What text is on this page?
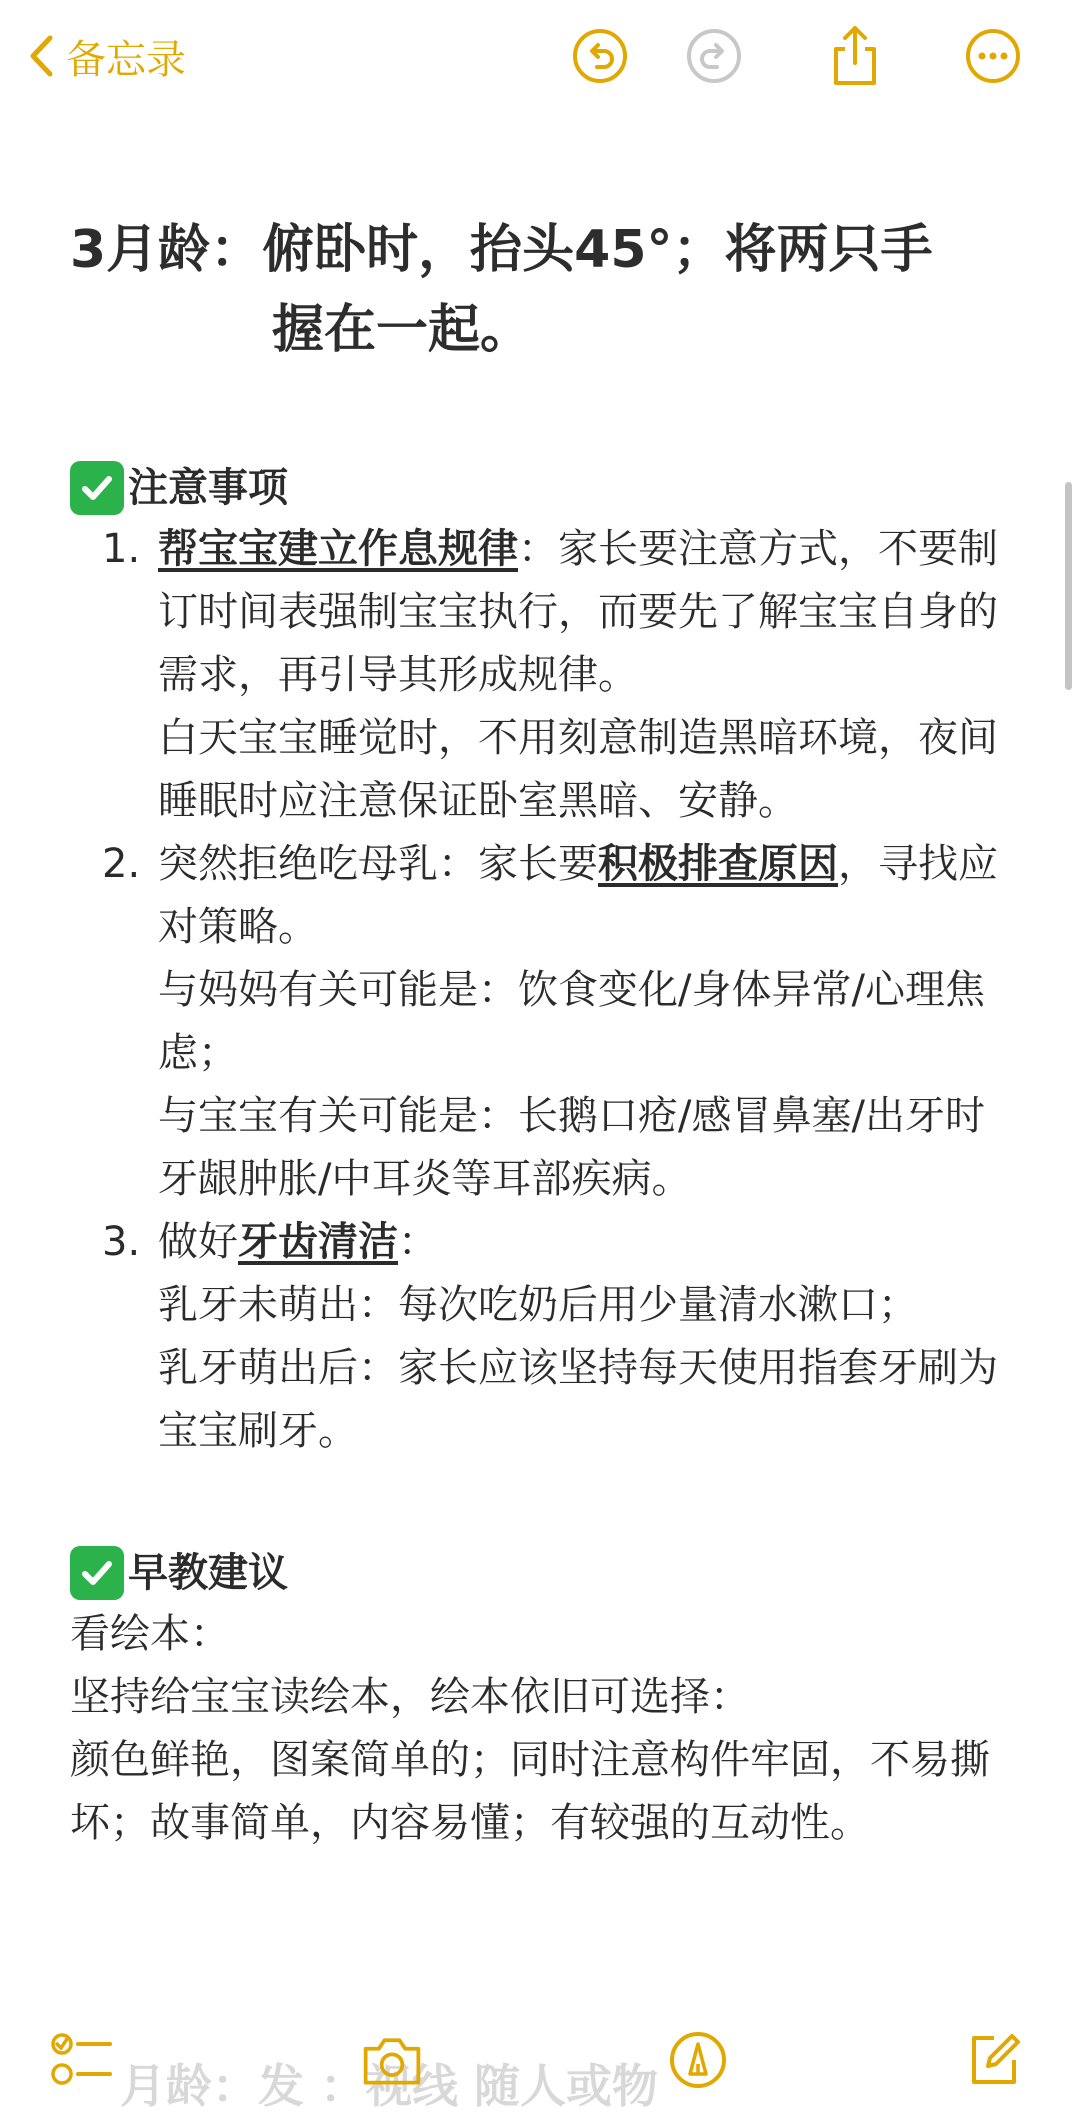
备忘录
3月龄：俯卧时，抬头45°；将两只手
握在一起。
注意事项
1. 帮宝宝建立作息规律：家长要注意方式，不要制订时间表强制宝宝执行，而要先了解宝宝自身的需求，再引导其形成规律。

白天宝宝睡觉时，不用刻意制造黑暗环境，夜间睡眠时应注意保证卧室黑暗、安静。

2. 突然拒绝吃母乳：家长要积极排查原因，寻找应对策略。

与妈妈有关可能是：饮食变化/身体异常/心理焦虑；

与宝宝有关可能是：长鹅口疮/感冒鼻塞/出牙时牙龈肿胀/中耳炎等耳部疾病。

3. 做好牙齿清洁：

乳牙未萌出：每次吃奶后用少量清水漱口；

乳牙萌出后：家长应该坚持每天使用指套牙刷为宝宝刷牙。

早教建议

看绘本：

坚持给宝宝读绘本，绘本依旧可选择：

颜色鲜艳，图案简单的；同时注意构件牢固，不易撕坏；故事简单，内容易懂；有较强的互动性。

月龄：发 ：视线 随人或物
